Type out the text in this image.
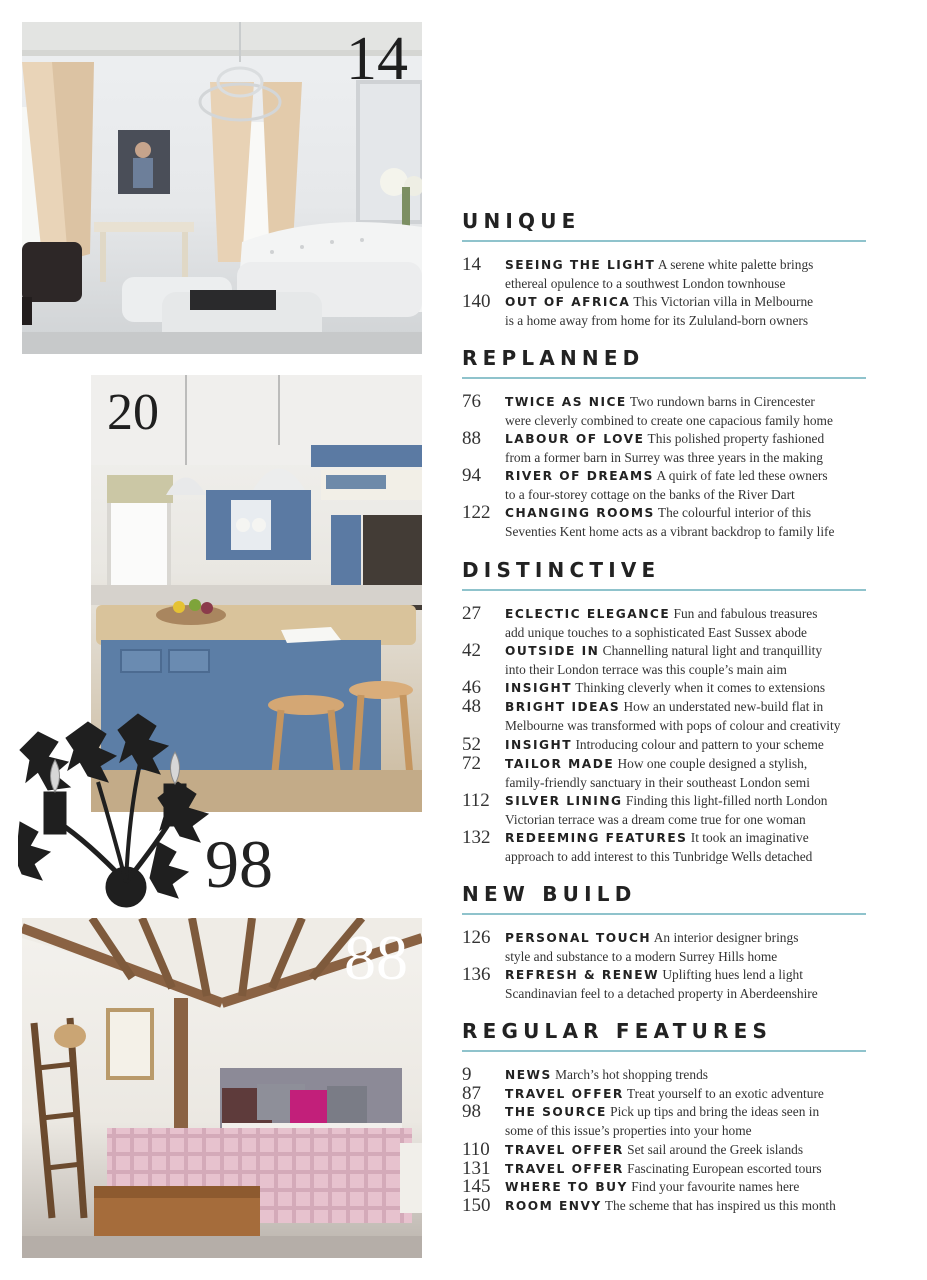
14
20
88
98
UNIQUE
14 SEEING THE LIGHT A serene white palette brings
ethereal opulence to a southwest London townhouse
140 OUT OF AFRICA This Victorian villa in Melbourne
is a home away from home for its Zululand-born owners
REPLANNED
76 TWICE AS NICE Two rundown barns in Cirencester
were cleverly combined to create one capacious family home
88 LABOUR OF LOVE This polished property fashioned
from a former barn in Surrey was three years in the making
94 RIVER OF DREAMS A quirk of fate led these owners
to a four-storey cottage on the banks of the River Dart
122 CHANGING ROOMS The colourful interior of this
Seventies Kent home acts as a vibrant backdrop to family life
DISTINCTIVE
27 ECLECTIC ELEGANCE Fun and fabulous treasures
add unique touches to a sophisticated East Sussex abode
42 OUTSIDE IN Channelling natural light and tranquillity
into their London terrace was this couple’s main aim
46 INSIGHT Thinking cleverly when it comes to extensions
48 BRIGHT IDEAS How an understated new-build flat in
Melbourne was transformed with pops of colour and creativity
52 INSIGHT Introducing colour and pattern to your scheme
72 TAILOR MADE How one couple designed a stylish,
family-friendly sanctuary in their southeast London semi
112 SILVER LINING Finding this light-filled north London
Victorian terrace was a dream come true for one woman
132 REDEEMING FEATURES It took an imaginative
approach to add interest to this Tunbridge Wells detached
NEW BUILD
126 PERSONAL TOUCH An interior designer brings
style and substance to a modern Surrey Hills home
136 REFRESH & RENEW Uplifting hues lend a light
Scandinavian feel to a detached property in Aberdeenshire
REGULAR FEATURES
9	NEWS March’s hot shopping trends
87 TRAVEL OFFER Treat yourself to an exotic adventure
98 THE SOURCE Pick up tips and bring the ideas seen in
some of this issue’s properties into your home
110 TRAVEL OFFER Set sail around the Greek islands
131 TRAVEL OFFER Fascinating European escorted tours
145 WHERE TO BUY Find your favourite names here
150 ROOM ENVY The scheme that has inspired us this month
